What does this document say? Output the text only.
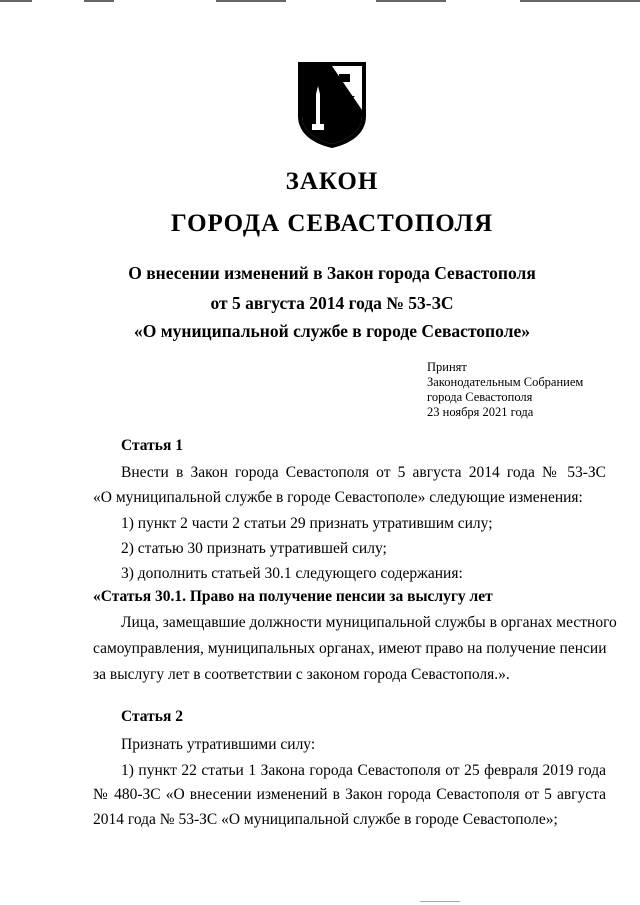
ЗАКОН
ГОРОДА СЕВАСТОПОЛЯ
О внесении изменений в Закон города Севастополя
от 5 августа 2014 года № 53-ЗС
«О муниципальной службе в городе Севастополе»
Принят
Законодательным Собранием
города Севастополя
23 ноября 2021 года
Статья 1
Внести в Закон города Севастополя от 5 августа 2014 года № 53-ЗС
«О муниципальной службе в городе Севастополе» следующие изменения:
1) пункт 2 части 2 статьи 29 признать утратившим силу;
2) статью 30 признать утратившей силу;
3) дополнить статьей 30.1 следующего содержания:
«Статья 30.1. Право на получение пенсии за выслугу лет
Лица, замещавшие должности муниципальной службы в органах местного
самоуправления, муниципальных органах, имеют право на получение пенсии
за выслугу лет в соответствии с законом города Севастополя.».
Статья 2
Признать утратившими силу:
1) пункт 22 статьи 1 Закона города Севастополя от 25 февраля 2019 года
№ 480-ЗС «О внесении изменений в Закон города Севастополя от 5 августа
2014 года № 53-ЗС «О муниципальной службе в городе Севастополе»;
